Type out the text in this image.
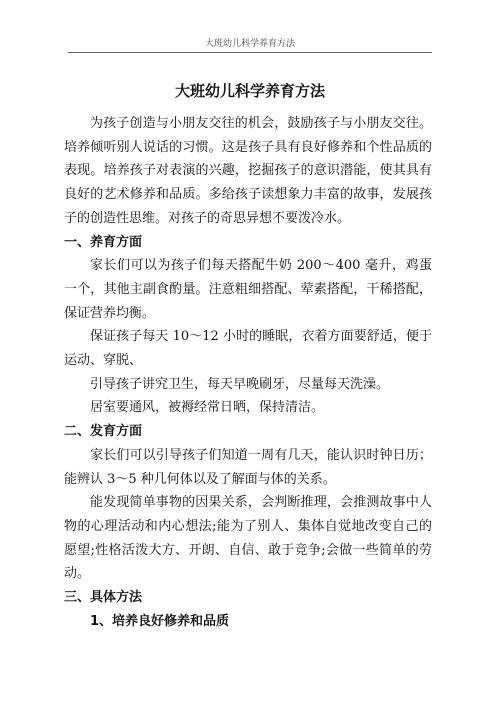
大班幼儿科学养育方法
大班幼儿科学养育方法

为孩子创造与小朋友交往的机会，鼓励孩子与小朋友交往。培养倾听别人说话的习惯。这是孩子具有良好修养和个性品质的表现。培养孩子对表演的兴趣，挖掘孩子的意识潜能，使其具有良好的艺术修养和品质。多给孩子读想象力丰富的故事，发展孩子的创造性思维。对孩子的奇思异想不要泼冷水。

一、养育方面

家长们可以为孩子们每天搭配牛奶 200～400 毫升，鸡蛋一个，其他主副食酌量。注意粗细搭配、荤素搭配，干稀搭配，保证营养均衡。

保证孩子每天 10～12 小时的睡眠，衣着方面要舒适，便于运动、穿脱、

引导孩子讲究卫生，每天早晚刷牙，尽量每天洗澡。

居室要通风，被褥经常日晒，保持清洁。

二、发育方面

家长们可以引导孩子们知道一周有几天，能认识时钟日历；能辨认 3～5 种几何体以及了解面与体的关系。

能发现简单事物的因果关系，会判断推理，会推测故事中人物的心理活动和内心想法;能为了别人、集体自觉地改变自己的愿望;性格活泼大方、开朗、自信、敢于竞争;会做一些简单的劳动。

三、具体方法
1、培养良好修养和品质
